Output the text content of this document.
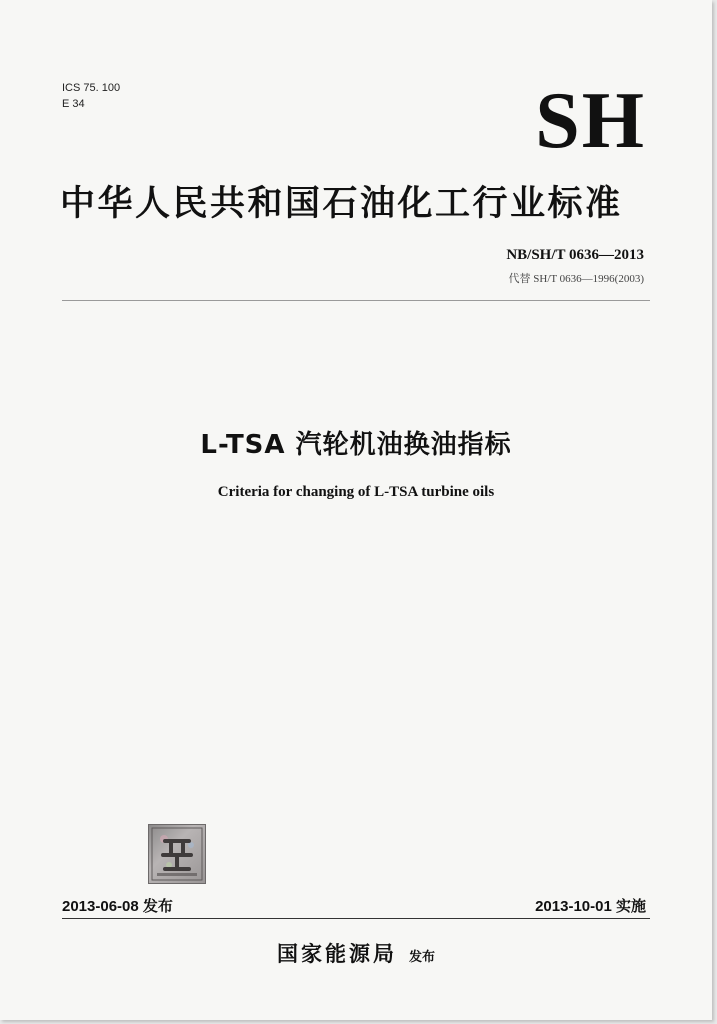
ICS 75. 100
E 34	SH
中华人民共和国石油化工行业标准
NB/SH/T 0636—2013
代替 SH/T 0636—1996(2003)
L-TSA 汽轮机油换油指标
Criteria for changing of L-TSA turbine oils
2013-06-08 发布	2013-10-01 实施
国家能源局 发布
